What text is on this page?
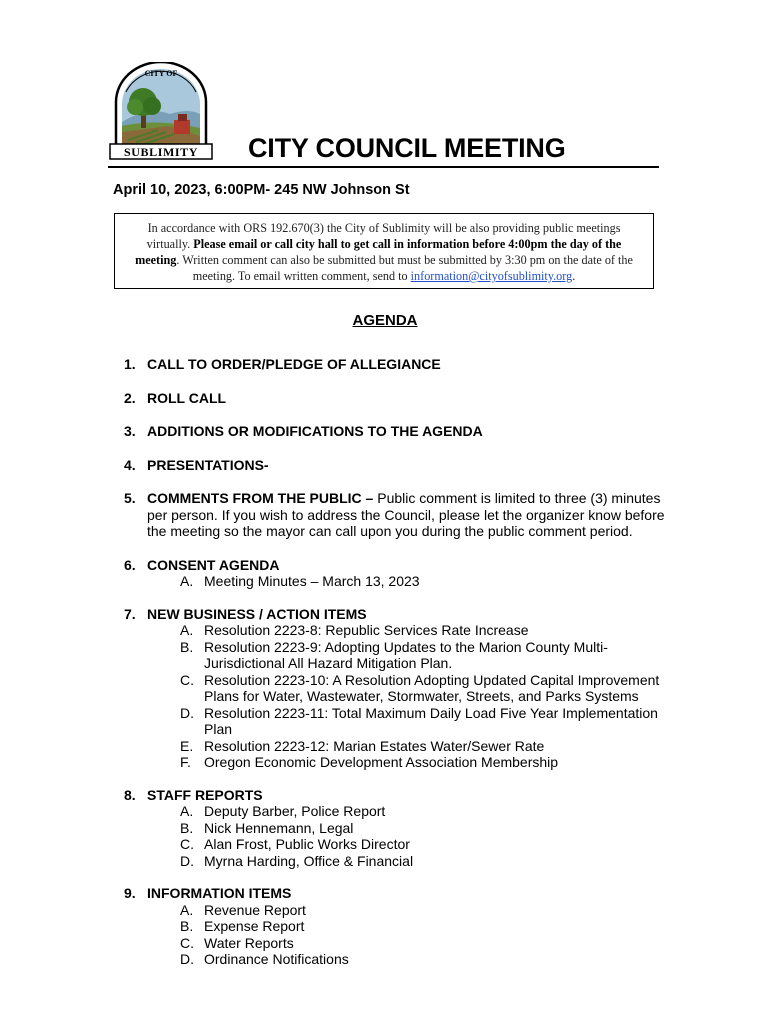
CITY OF
SUBLIMITY CITY COUNCIL MEETING
April 10, 2023, 6:00PM- 245 NW Johnson St
In accordance with ORS 192.670(3) the City of Sublimity will be also providing public meetings virtually. Please email or call city hall to get call in information before 4:00pm the day of the meeting. Written comment can also be submitted but must be submitted by 3:30 pm on the date of the meeting. To email written comment, send to information@cityofsublimity.org.
AGENDA
1. CALL TO ORDER/PLEDGE OF ALLEGIANCE
2. ROLL CALL
3. ADDITIONS OR MODIFICATIONS TO THE AGENDA
4. PRESENTATIONS-
5. COMMENTS FROM THE PUBLIC – Public comment is limited to three (3) minutes per person. If you wish to address the Council, please let the organizer know before the meeting so the mayor can call upon you during the public comment period.
6. CONSENT AGENDA
A. Meeting Minutes – March 13, 2023
7. NEW BUSINESS / ACTION ITEMS
A. Resolution 2223-8: Republic Services Rate Increase
B. Resolution 2223-9: Adopting Updates to the Marion County Multi-Jurisdictional All Hazard Mitigation Plan.
C. Resolution 2223-10: A Resolution Adopting Updated Capital Improvement Plans for Water, Wastewater, Stormwater, Streets, and Parks Systems
D. Resolution 2223-11: Total Maximum Daily Load Five Year Implementation Plan
E. Resolution 2223-12: Marian Estates Water/Sewer Rate
F. Oregon Economic Development Association Membership
8. STAFF REPORTS
A. Deputy Barber, Police Report
B. Nick Hennemann, Legal
C. Alan Frost, Public Works Director
D. Myrna Harding, Office & Financial
9. INFORMATION ITEMS
A. Revenue Report
B. Expense Report
C. Water Reports
D. Ordinance Notifications
